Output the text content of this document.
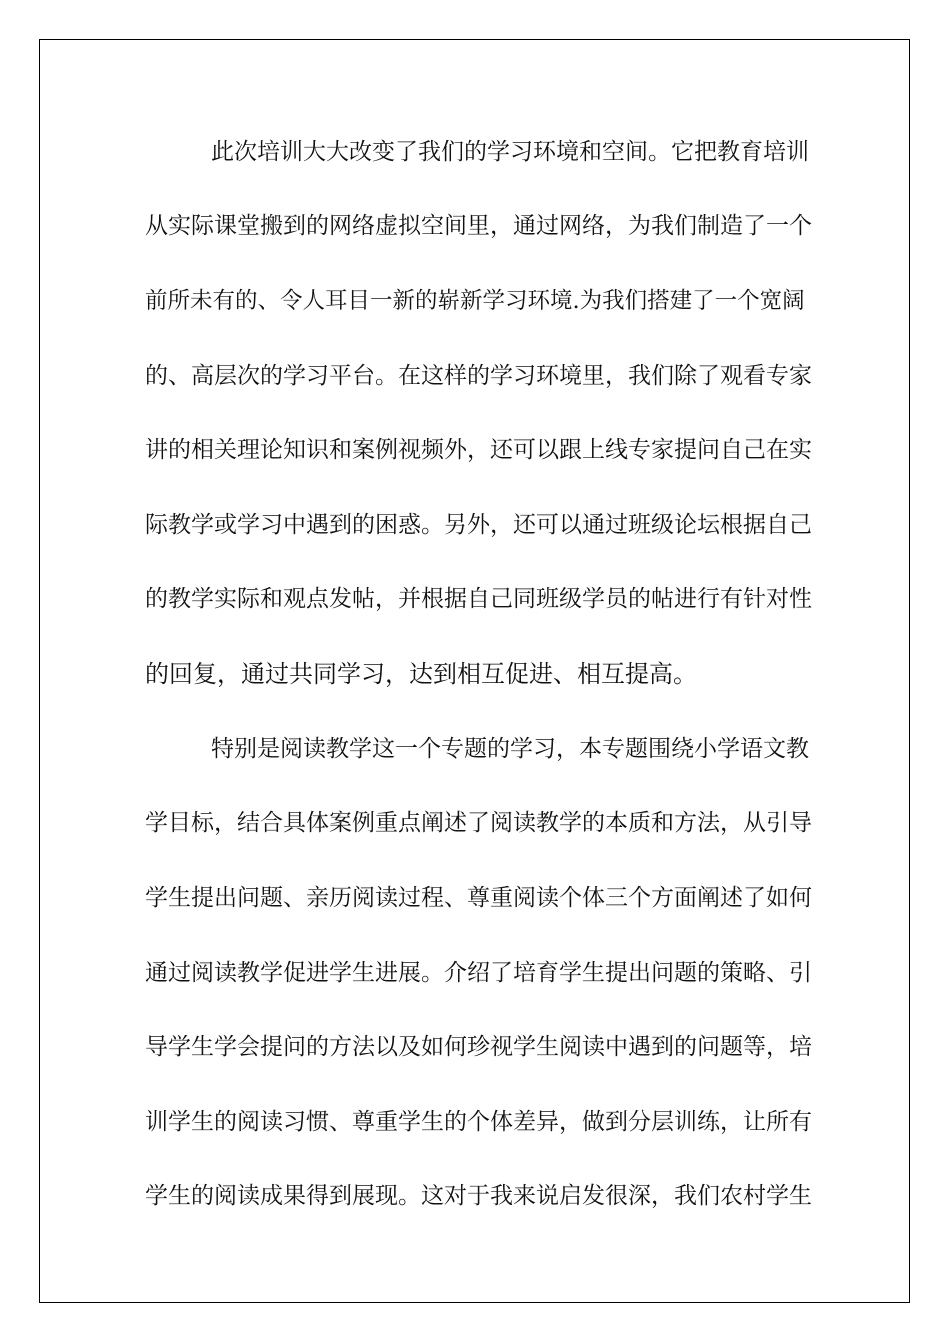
此次培训大大改变了我们的学习环境和空间。它把教育培训
从实际课堂搬到的网络虚拟空间里，通过网络，为我们制造了一个
前所未有的、令人耳目一新的崭新学习环境.为我们搭建了一个宽阔
的、高层次的学习平台。在这样的学习环境里，我们除了观看专家
讲的相关理论知识和案例视频外，还可以跟上线专家提问自己在实
际教学或学习中遇到的困惑。另外，还可以通过班级论坛根据自己
的教学实际和观点发帖，并根据自己同班级学员的帖进行有针对性
的回复，通过共同学习，达到相互促进、相互提高。
特别是阅读教学这一个专题的学习，本专题围绕小学语文教
学目标，结合具体案例重点阐述了阅读教学的本质和方法，从引导
学生提出问题、亲历阅读过程、尊重阅读个体三个方面阐述了如何
通过阅读教学促进学生进展。介绍了培育学生提出问题的策略、引
导学生学会提问的方法以及如何珍视学生阅读中遇到的问题等，培
训学生的阅读习惯、尊重学生的个体差异，做到分层训练，让所有
学生的阅读成果得到展现。这对于我来说启发很深，我们农村学生
